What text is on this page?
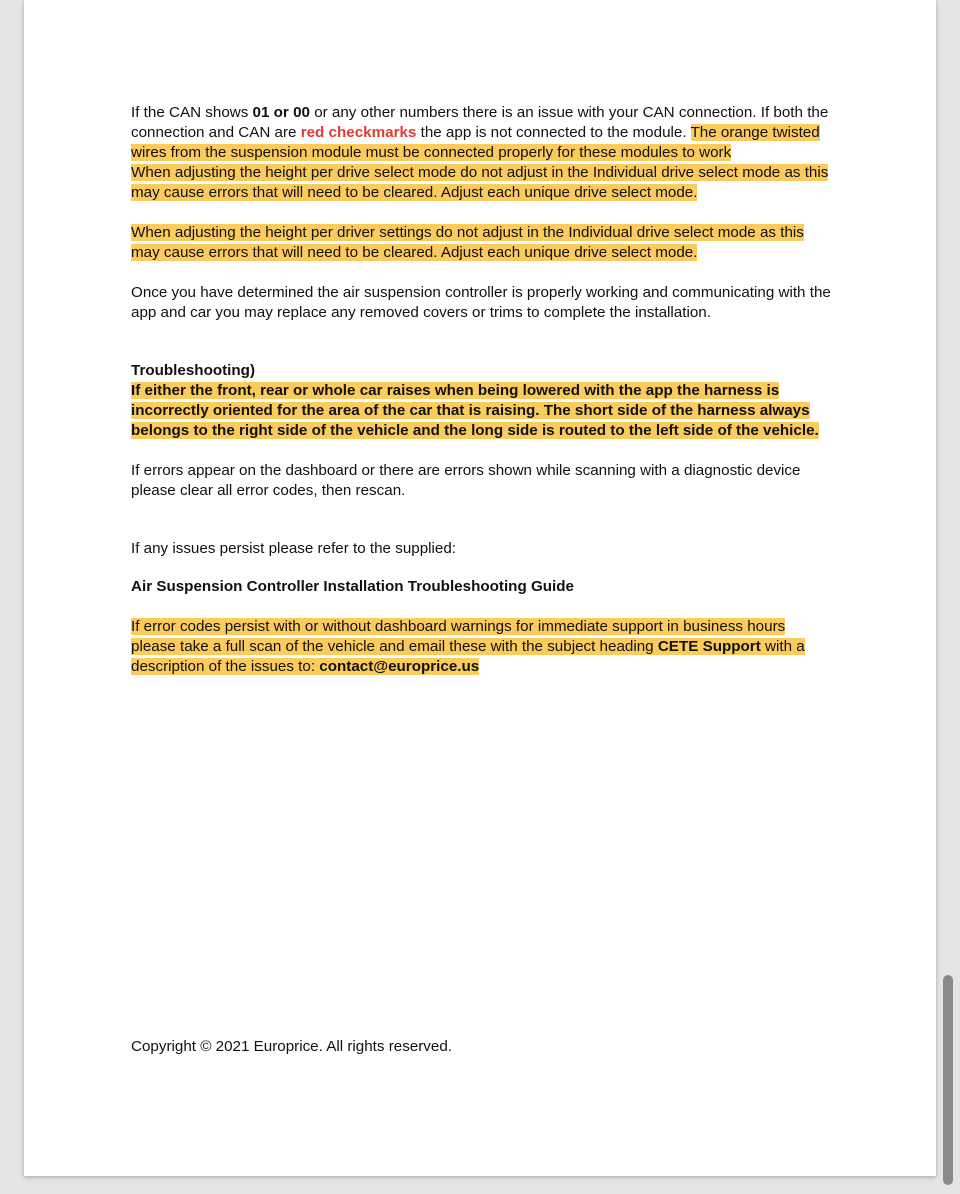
If the CAN shows 01 or 00 or any other numbers there is an issue with your CAN connection. If both the connection and CAN are red checkmarks the app is not connected to the module. The orange twisted wires from the suspension module must be connected properly for these modules to work
When adjusting the height per drive select mode do not adjust in the Individual drive select mode as this may cause errors that will need to be cleared. Adjust each unique drive select mode.

When adjusting the height per driver settings do not adjust in the Individual drive select mode as this may cause errors that will need to be cleared. Adjust each unique drive select mode.

Once you have determined the air suspension controller is properly working and communicating with the app and car you may replace any removed covers or trims to complete the installation.

Troubleshooting)

If either the front, rear or whole car raises when being lowered with the app the harness is incorrectly oriented for the area of the car that is raising. The short side of the harness always belongs to the right side of the vehicle and the long side is routed to the left side of the vehicle.

If errors appear on the dashboard or there are errors shown while scanning with a diagnostic device please clear all error codes, then rescan.

If any issues persist please refer to the supplied:

Air Suspension Controller Installation Troubleshooting Guide

If error codes persist with or without dashboard warnings for immediate support in business hours please take a full scan of the vehicle and email these with the subject heading CETE Support with a description of the issues to: contact@europrice.us

Copyright © 2021 Europrice. All rights reserved.
